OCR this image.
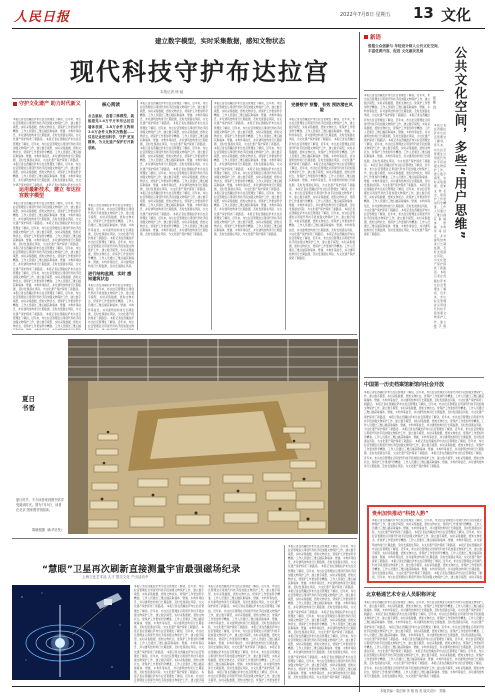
人民日报	2022年7月8日 星期五 13 文化
建立数字模型，实时采集数据，感知文物状态
现代科技守护布达拉宫
本报记者 徐 驰
守护文化遗产 助力时代新义
本报记者在西藏拉萨布达拉宫管理处了解到，近年来，布达拉宫管理处运用现代科技手段加强文物保护工作，建立数字模型，实时采集数据，感知文物状态，使保护工作更加科学精准。工作人员通过三维扫描获取墙体、壁画、木构件等信息，并对建筑结构进行长期监测，及时发现潜在风险，为文化遗产保护探索了新路径。 本报记者在西藏拉萨布达拉宫管理处了解到，近年来，布达拉宫管理处运用现代科技手段加强文物保护工作，建立数字模型，实时采集数据，感知文物状态，使保护工作更加科学精准。工作人员通过三维扫描获取墙体、壁画、木构件等信息，并对建筑结构进行长期监测，及时发现潜在风险，为文化遗产保护探索了新路径。 本报记者在西藏拉萨布达拉宫管理处了解到，近年来，布达拉宫管理处运用现代科技手段加强文物保护工作，建立数字模型，实时采集数据，感知文物状态，使保护工作更加科学精准。工作人员通过三维扫描获取墙体、壁画、木构件等信息，并对建筑结构进行长期监测，及时发现潜在风险，为文化遗产保护探索了新路径。 本报记者在西藏拉萨布达拉宫
运用最新技术，建立 布达拉宫数字模型
本报记者在西藏拉萨布达拉宫管理处了解到，近年来，布达拉宫管理处运用现代科技手段加强文物保护工作，建立数字模型，实时采集数据，感知文物状态，使保护工作更加科学精准。工作人员通过三维扫描获取墙体、壁画、木构件等信息，并对建筑结构进行长期监测，及时发现潜在风险，为文化遗产保护探索了新路径。 本报记者在西藏拉萨布达拉宫管理处了解到，近年来，布达拉宫管理处运用现代科技手段加强文物保护工作，建立数字模型，实时采集数据，感知文物状态，使保护工作更加科学精准。工作人员通过三维扫描获取墙体、壁画、木构件等信息，并对建筑结构进行长期监测，及时发现潜在风险，为文化遗产保护探索了新路径。 本报记者在西藏拉萨布达拉宫管理处了解到，近年来，布达拉宫管理处运用现代科技手段加强文物保护工作，建立数字模型，实时采集数据，感知文物状态，使保护工作更加科学精准。工作人员通过三维扫描获取墙体、壁画、木构件等信息，并对建筑结构进行长期监测，及时发现潜在风险，为文化遗产保护探索了新路径。 本报记者在西藏拉萨布达拉宫管理处了解到，近年来，布达拉宫管理处运用现代科技手段加强文物保护工作，建立数字模型，实时采集数据，感知文物状态，使保护工作更加科学精准。工作人员通过三维扫描获取墙体、壁画、木构件等信息，并对建筑结构进行长期监测，及时发现潜在风险，为文化遗产保护探索了新路径。 本报记者在西藏拉萨布达拉宫管理处了解到，近年来，布达拉宫管理处运用现代科技手段加强文物保护工作，建立数字模型，实时采集数据，感知文物状态，使保护工作更加科学精准。工作人员通过三维扫描获取墙体、壁画、木构件等信息，并对建筑结构进行长期监测，及时发现潜在风险，为文化遗产保护探索了新路径。 本报记者在西藏拉萨布达拉宫管理处了解到，近年来，布达拉宫管理处运用现代科技手段加强文物保护工作，建立数字模型，实时采集数据，感知文物状态，使保护工作更加科学精准。工作人员通过三维扫描
核心阅读
点击鼠标，查看三维模型，就能看见1.6万平方米布达拉宫 墙体表面，2.8万余件文物和 3.6万余件文物状况数据……信息记录更加科学，守护 更加精准，为文化遗产保护打开新思路。
本报记者在西藏拉萨布达拉宫管理处了解到，近年来，布达拉宫管理处运用现代科技手段加强文物保护工作，建立数字模型，实时采集数据，感知文物状态，使保护工作更加科学精准。工作人员通过三维扫描获取墙体、壁画、木构件等信息，并对建筑结构进行长期监测，及时发现潜在风险，为文化遗产保护探索了新路径。 本报记者在西藏拉萨布达拉宫管理处了解到，近年来，布达拉宫管理处运用现代科技手段加强文物保护工作，建立数字模型，实时采集数据，感知文物状态，使保护工作更加科学精准。工作人员通过三维扫描获取墙体、壁画、木构件等信息，并对建筑结构进行长期监测，及时发现潜在风险，
进行结构监测，实时 感知建筑状态
本报记者在西藏拉萨布达拉宫管理处了解到，近年来，布达拉宫管理处运用现代科技手段加强文物保护工作，建立数字模型，实时采集数据，感知文物状态，使保护工作更加科学精准。工作人员通过三维扫描获取墙体、壁画、木构件等信息，并对建筑结构进行长期监测，及时发现潜在风险，为文化遗产保护探索了新路径。 本报记者在西藏拉萨布达拉宫管理处了解到，近年来，布达拉宫管理处运用现代科技手段加强文物
本报记者在西藏拉萨布达拉宫管理处了解到，近年来，布达拉宫管理处运用现代科技手段加强文物保护工作，建立数字模型，实时采集数据，感知文物状态，使保护工作更加科学精准。工作人员通过三维扫描获取墙体、壁画、木构件等信息，并对建筑结构进行长期监测，及时发现潜在风险，为文化遗产保护探索了新路径。 本报记者在西藏拉萨布达拉宫管理处了解到，近年来，布达拉宫管理处运用现代科技手段加强文物保护工作，建立数字模型，实时采集数据，感知文物状态，使保护工作更加科学精准。工作人员通过三维扫描获取墙体、壁画、木构件等信息，并对建筑结构进行长期监测，及时发现潜在风险，为文化遗产保护探索了新路径。 本报记者在西藏拉萨布达拉宫管理处了解到，近年来，布达拉宫管理处运用现代科技手段加强文物保护工作，建立数字模型，实时采集数据，感知文物状态，使保护工作更加科学精准。工作人员通过三维扫描获取墙体、壁画、木构件等信息，并对建筑结构进行长期监测，及时发现潜在风险，为文化遗产保护探索了新路径。 本报记者在西藏拉萨布达拉宫管理处了解到，近年来，布达拉宫管理处运用现代科技手段加强文物保护工作，建立数字模型，实时采集数据，感知文物状态，使保护工作更加科学精准。工作人员通过三维扫描获取墙体、壁画、木构件等信息，并对建筑结构进行长期监测，及时发现潜在风险，为文化遗产保护探索了新路径。 本报记者在西藏拉萨布达拉宫管理处了解到，近年来，布达拉宫管理处运用现代科技手段加强文物保护工作，建立数字模型，实时采集数据，感知文物状态，使保护工作更加科学精准。工作人员通过三维扫描获取墙体、壁画、木构件等信息，并对建筑结构进行长期监测，及时发现潜在风险，为文化遗产保护探索了新路径。 本报记者在西藏拉萨布达拉宫管理处了解到，近年来，布达拉宫管理处运用现代科技手段加强文物保护工作，建立数字模型，实时采集数据，感知文物状态，使保护工作更加科学精准。工作人员通过三维扫描获取墙体、壁画、木构件等信息，并对建筑结构进行长期监测，及时发现潜在风险，为文化遗产保护探索了新路径。
本报记者在西藏拉萨布达拉宫管理处了解到，近年来，布达拉宫管理处运用现代科技手段加强文物保护工作，建立数字模型，实时采集数据，感知文物状态，使保护工作更加科学精准。工作人员通过三维扫描获取墙体、壁画、木构件等信息，并对建筑结构进行长期监测，及时发现潜在风险，为文化遗产保护探索了新路径。 本报记者在西藏拉萨布达拉宫管理处了解到，近年来，布达拉宫管理处运用现代科技手段加强文物保护工作，建立数字模型，实时采集数据，感知文物状态，使保护工作更加科学精准。工作人员通过三维扫描获取墙体、壁画、木构件等信息，并对建筑结构进行长期监测，及时发现潜在风险，为文化遗产保护探索了新路径。 本报记者在西藏拉萨布达拉宫管理处了解到，近年来，布达拉宫管理处运用现代科技手段加强文物保护工作，建立数字模型，实时采集数据，感知文物状态，使保护工作更加科学精准。工作人员通过三维扫描获取墙体、壁画、木构件等信息，并对建筑结构进行长期监测，及时发现潜在风险，为文化遗产保护探索了新路径。 本报记者在西藏拉萨布达拉宫管理处了解到，近年来，布达拉宫管理处运用现代科技手段加强文物保护工作，建立数字模型，实时采集数据，感知文物状态，使保护工作更加科学精准。工作人员通过三维扫描获取墙体、壁画、木构件等信息，并对建筑结构进行长期监测，及时发现潜在风险，为文化遗产保护探索了新路径。 本报记者在西藏拉萨布达拉宫管理处了解到，近年来，布达拉宫管理处运用现代科技手段加强文物保护工作，建立数字模型，实时采集数据，感知文物状态，使保护工作更加科学精准。工作人员通过三维扫描获取墙体、壁画、木构件等信息，并对建筑结构进行长期监测，及时发现潜在风险，为文化遗产保护探索了新路径。 本报记者在西藏拉萨布达拉宫管理处了解到，近年来，布达拉宫管理处运用现代科技手段加强文物保护工作，建立数字模型，实时采集数据，感知文物状态，使保护工作更加科学精准。工作人员通过三维扫描获取墙体、壁画、木构件等信息，并对建筑结构进行长期监测，及时发现潜在风险，为文化遗产保护探索了新路径。
完善数字 预警，有效 预防潜在风险
本报记者在西藏拉萨布达拉宫管理处了解到，近年来，布达拉宫管理处运用现代科技手段加强文物保护工作，建立数字模型，实时采集数据，感知文物状态，使保护工作更加科学精准。工作人员通过三维扫描获取墙体、壁画、木构件等信息，并对建筑结构进行长期监测，及时发现潜在风险，为文化遗产保护探索了新路径。 本报记者在西藏拉萨布达拉宫管理处了解到，近年来，布达拉宫管理处运用现代科技手段加强文物保护工作，建立数字模型，实时采集数据，感知文物状态，使保护工作更加科学精准。工作人员通过三维扫描获取墙体、壁画、木构件等信息，并对建筑结构进行长期监测，及时发现潜在风险，为文化遗产保护探索了新路径。 本报记者在西藏拉萨布达拉宫管理处了解到，近年来，布达拉宫管理处运用现代科技手段加强文物保护工作，建立数字模型，实时采集数据，感知文物状态，使保护工作更加科学精准。工作人员通过三维扫描获取墙体、壁画、木构件等信息，并对建筑结构进行长期监测，及时发现潜在风险，为文化遗产保护探索了新路径。 本报记者在西藏拉萨布达拉宫管理处了解到，近年来，布达拉宫管理处运用现代科技手段加强文物保护工作，建立数字模型，实时采集数据，感知文物状态，使保护工作更加科学精准。工作人员通过三维扫描获取墙体、壁画、木构件等信息，并对建筑结构进行长期监测，及时发现潜在风险，为文化遗产保护探索了新路径。 本报记者在西藏拉萨布达拉宫管理处了解到，近年来，布达拉宫管理处运用现代科技手段加强文物保护工作，建立数字模型，实时采集数据，感知文物状态，使保护工作更加科学精准。工作人员通过三维扫描获取墙体、壁画、木构件等信息，并对建筑结构进行长期监测，及时发现潜在风险，为文化遗产保护探索了新路径。 本报记者在西藏拉萨布达拉宫管理处了解到，近年来，布达拉宫管理处运用现代科技手段加强文物保护工作，建立数字模型，实时采集数据，感知文物状态，使保护工作更加科学精准。工作人员通过三维扫描获取墙体、壁画、木构件等信息，并对建筑结构进行长期监测，及时发现潜在风险，为文化遗产保护探索了新路径。
新语
借鉴公众创新与 年轻设计师人公共文化空间，丰富优质内容，促进 文化惠民发展	公共文化空间，多些“用户思维”
崔 斯 诗
本报记者在西藏拉萨布达拉宫管理处了解到，近年来，布达拉宫管理处运用现代科技手段加强文物保护工作，建立数字模型，实时采集数据，感知文物状态，使保护工作更加科学精准。工作人员通过三维扫描获取墙体、壁画、木构件等信息，并对建筑结构进行长期监测，及时发现潜在风险，为文化遗产保护探索了新路径。 本报记者在西藏拉萨布达拉宫管理处了解到，近年来，布达拉宫管理处运用现代科技手段加强文物保护工作，建立数字模型，实时采集数据，感知文物状态，使保护工作更加科学精准。工作人员通过三维扫描获取墙体、壁画、木构件等信息，并对建筑结构进行长期监测，及时发现潜在风险，为文化遗产保护探索了新路径。 本报记者在西藏拉萨布达拉宫管理处了解到，近年来，布达拉宫管理处运用现代科技手段加强文物保护工作，建立数字模型，实时采集数据，感知文物状态，使保护工作更加科学精准。工作人员通过三维扫描获取墙体、壁画、木构件等信息，并对建筑结构进行长期监测，及时发现潜在风险，为文化遗产保护探索了新路径。 本报记者在西藏拉萨布达拉宫管理处了解到，近年来，布达拉宫管理处运用现代科技手段加强文物保护工作，建立数字模型，实时采集数据，感知文物状态，使保护工作更加科学精准。工作人员通过三维扫描获取墙体、壁画、木构件等信息，并对建筑结构进行长期监测，及时发现潜在风险，为文化遗产保护探索了新路径。 本报记者在西藏拉萨布达拉宫管理处了解到，近年来，布达拉宫管理处运用现代科技手段加强文物保护工作，建立数字模型，实时采集数据，感知文物状态，使保护工作更加科学精准。工作人员通过三维扫描获取墙体、壁画、木构件等信息，并对建筑结构进行长期监测，及时发现潜在风险，为文化遗产保护探索了新路径。 本报记者在西藏拉萨布达拉宫管理处了解到，近年来，布达拉宫管理处运用现代科技手段加强文物保护工作，建立数字模型，实时采集数据，感知文物状态，使保护工作更加科学精准。工作人员通过三维扫描获取墙体、壁画、木构件等信息，并对建筑结构进行长期监测，及时发现潜在风险，为文化遗产保护探索了新路径。
本报记者在西藏拉萨布达拉宫管理处了解到，近年来，布达拉宫管理处运用现代科技手段加强文物保护工作，建立数字模型，实时采集数据，感知文物状态，使保护工作更加科学精准。工作人员通过三维扫描获取墙体、壁画、木构件等信息，并对建筑结构进行长期监测，及时发现潜在风险，为文化遗产保护探索了新路径。 本报记者在西藏拉萨布达拉宫管理处了解到，近年来，布达拉宫管理处运用现代科技手段加强文物保护工作，建立数字模
夏日书香
夏日时节，不少读者来到图书馆享受阅读时光。图为7月5日，读者在北京 国家图书馆阅读。
陈晓根摄（新华社发）
“慧眼”卫星再次刷新直接测量宇宙最强磁场纪录
上海文化艺术品 人才 提交文化 产出活动中
本报记者在西藏拉萨布达拉宫管理处了解到，近年来，布达拉宫管理处运用现代科技手段加强文物保护工作，建立数字模型，实时采集数据，感知文物状态，使保护工作更加科学精准。工作人员通过三维扫描获取墙体、壁画、木构件等信息，并对建筑结构进行长期监测，及时发现潜在风险，为文化遗产保护探索了新路径。 本报记者在西藏拉萨布达拉宫管理处了解到，近年来，布达拉宫管理处运用现代科技手段加强文物保护工作，建立数字模型，实时采集数据，感知文物状态，使保护工作更加科学精准。工作人员通过三维扫描获取墙体、壁画、木构件等信息，并对建筑结构进行长期监测，及时发现潜在风险，为文化遗产保护探索了新路径。 本报记者在西藏拉萨布达拉宫管理处了解到，近年来，布达拉宫管理处运用现代科技手段加强文物保护工作，建立数字模型，实时采集数据，感知文物状态，使保护工作更加科学精准。工作人员通过三维扫描获取墙体、壁画、木构件等信息，并对建筑结构进行长期监测，及时发现潜在风险，为文化遗产保护探索了新路径。 本报记者在西藏拉萨布达拉宫管理处了解到，近年来，布达拉宫管理处运用现代科技手段加强文物保护工作，建立数字模型，实时采集数据，感知文物状态，使保护工作更加科学精准。工作人员通过三维扫描获取墙体、壁画、木构件等信息，并对建筑结构进行长期监测，及时发现潜在风险，为文化遗产保护探索了新路径。 本报记者在西藏拉萨布达拉宫管理处了解到，近年来，布达拉宫管理处运用现代科技手段加强文物保护工作，建立数字模
本报记者在西藏拉萨布达拉宫管理处了解到，近年来，布达拉宫管理处运用现代科技手段加强文物保护工作，建立数字模型，实时采集数据，感知文物状态，使保护工作更加科学精准。工作人员通过三维扫描获取墙体、壁画、木构件等信息，并对建筑结构进行长期监测，及时发现潜在风险，为文化遗产保护探索了新路径。 本报记者在西藏拉萨布达拉宫管理处了解到，近年来，布达拉宫管理处运用现代科技手段加强文物保护工作，建立数字模型，实时采集数据，感知文物状态，使保护工作更加科学精准。工作人员通过三维扫描获取墙体、壁画、木构件等信息，并对建筑结构进行长期监测，及时发现潜在风险，为文化遗产保护探索了新路径。 本报记者在西藏拉萨布达拉宫管理处了解到，近年来，布达拉宫管理处运用现代科技手段加强文物保护工作，建立数字模型，实时采集数据，感知文物状态，使保护工作更加科学精准。工作人员通过三维扫描获取墙体、壁画、木构件等信息，并对建筑结构进行长期监测，及时发现潜在风险，为文化遗产保护探索了新路径。 本报记者在西藏拉萨布达拉宫管理处了解到，近年来，布达拉宫管理处运用现代科技手段加强文物保护工作，建立数字模型，实时采集数据，感知文物状态，使保护工作更加科学精准。工作人员通过三维扫描获取墙体、壁画、木构件等信息，并对建筑结构进行长期监测，及时发现潜在风险，为文化遗产保护探索了新路径。 本报记者在西藏拉萨布达拉宫管理处了解到，近年来，布达拉宫管理处运用现代科技手段加强文物保护工作，建立数字模型，实时采集数据，感知文物状态，使保护工作更加科学
本报记者在西藏拉萨布达拉宫管理处了解到，近年来，布达拉宫管理处运用现代科技手段加强文物保护工作，建立数字模型，实时采集数据，感知文物状态，使保护工作更加科学精准。工作人员通过三维扫描获取墙体、壁画、木构件等信息，并对建筑结构进行长期监测，及时发现潜在风险，为文化遗产保护探索了新路径。 本报记者在西藏拉萨布达拉宫管理处了解到，近年来，布达拉宫管理处运用现代科技手段加强文物保护工作，建立数字模型，实时采集数据，感知文物状态，使保护工作更加科学精准。工作人员通过三维扫描获取墙体、壁画、木构件等信息，并对建筑结构进行长期监测，及时发现潜在风险，为文化遗产保护探索了新路径。 本报记者在西藏拉萨布达拉宫管理处了解到，近年来，布达拉宫管理处运用现代科技手段加强文物保护工作，建立数字模型，实时采集数据，感知文物状态，使保护工作更加科学精准。工作人员通过三维扫描获取墙体、壁画、木构件等信息，并对建筑结构进行长期监测，及时发现潜在风险，为文化遗产保护探索了新路径。 本报记者在西藏拉萨布达拉宫管理处了解到，近年来，布达拉宫管理处运用现代科技手段加强文物保护工作，建立数字模型，实时采集数据，感知文物状态，使保护工作更加科学精准。工作人员通过三维扫描获取墙体、壁画、木构件等信息，并对建筑结构进行长期监测，及时发现潜在风险，为文化遗产保护探索了新路径。 本报记者在西藏拉萨布达拉宫管理处了解到，近年来，布达拉宫管理处运用现代科技手段加强文物保护工作，建立数字模型，实时采集数据，感知文物状态，使保护工作更加科学精准。工作人员通过三维扫描获取墙体、壁画、木构件等信息，并对建筑结构进行长期监测，及时发现潜在风险，为文化遗产保护探索了新路径。 本报记者在西藏拉萨布达拉宫管理处了解到，近年来，布达拉宫管理处运用现代科技手段加强文物保护工作，建立数字模型，实时采集数据，感知文物状态，使保护工作更加科学精准。工作人员通过三维扫描获取墙体、壁画、木构件等信息，并对建筑结构进行长期监测，及时发现潜在风险，为文化遗产保护探索了新路径。
中国第一历史档案馆新馆向社会开放
本报记者在西藏拉萨布达拉宫管理处了解到，近年来，布达拉宫管理处运用现代科技手段加强文物保护工作，建立数字模型，实时采集数据，感知文物状态，使保护工作更加科学精准。工作人员通过三维扫描获取墙体、壁画、木构件等信息，并对建筑结构进行长期监测，及时发现潜在风险，为文化遗产保护探索了新路径。 本报记者在西藏拉萨布达拉宫管理处了解到，近年来，布达拉宫管理处运用现代科技手段加强文物保护工作，建立数字模型，实时采集数据，感知文物状态，使保护工作更加科学精准。工作人员通过三维扫描获取墙体、壁画、木构件等信息，并对建筑结构进行长期监测，及时发现潜在风险，为文化遗产保护探索了新路径。 本报记者在西藏拉萨布达拉宫管理处了解到，近年来，布达拉宫管理处运用现代科技手段加强文物保护工作，建立数字模型，实时采集数据，感知文物状态，使保护工作更加科学精准。工作人员通过三维扫描获取墙体、壁画、木构件等信息，并对建筑结构进行长期监测，及时发现潜在风险，为文化遗产保护探索了新路径。 本报记者在西藏拉萨布达拉宫管理处了解到，近年来，布达拉宫管理处运用现代科技手段加强文物保护工作，建立数字模型，实时采集数据，感知文物状态，使保护工作更加科学精准。工作人员通过三维扫描获取墙体、壁画、木构件等信息，并对建筑结构进行长期监测，及时发现潜在风险，为文化遗产保护探索了新路径。 本报记者在西藏拉萨布达拉宫管理处了解到，近年来，布达拉宫管理处运用现代科技手段加强文物保护工作，建立数字模型，实时采集数据，感知文物状态，使保护工作更加科学精准。工作人员通过三维扫描获取墙体、壁画、木构件等信息，并对建筑结构进行长期监测，及时发现潜在风险，为文化遗产保护探索了新路径。 本报记者在西藏拉萨布达拉宫管理处了解到，近年来，布达拉宫管理处运用现代科技手段加强文物保护工作，建立数字模型，实时采集数据，感知文物状态，使保护工作更加科学精准。工作人员通过三维扫描获取墙体、壁画、木构件等信息，并对建筑结构进行长期监测，及时发现潜在风险，为文化遗产保护探索了新路径。
贵州加快推动“科技入黔”
本报记者在西藏拉萨布达拉宫管理处了解到，近年来，布达拉宫管理处运用现代科技手段加强文物保护工作，建立数字模型，实时采集数据，感知文物状态，使保护工作更加科学精准。工作人员通过三维扫描获取墙体、壁画、木构件等信息，并对建筑结构进行长期监测，及时发现潜在风险，为文化遗产保护探索了新路径。 本报记者在西藏拉萨布达拉宫管理处了解到，近年来，布达拉宫管理处运用现代科技手段加强文物保护工作，建立数字模型，实时采集数据，感知文物状态，使保护工作更加科学精准。工作人员通过三维扫描获取墙体、壁画、木构件等信息，并对建筑结构进行长期监测，及时发现潜在风险，为文化遗产保护探索了新路径。 本报记者在西藏拉萨布达拉宫管理处了解到，近年来，布达拉宫管理处运用现代科技手段加强文物保护工作，建立数字模型，实时采集数据，感知文物状态，使保护工作更加科学精准。工作人员通过三维扫描获取墙体、壁画、木构件等信息，并对建筑结构进行长期监测，及时发现潜在风险，为文化遗产保护探索了新路径。 本报记者在西藏拉萨布达拉宫管理处了解到，近年来，布达拉宫管理处运用现代科技手段加强文物保护工作，建立数字模型，实时采集数据，感知文物状态，使保护工作更加科学精准。工作人员通过三维扫描获取墙体、壁画、木构件等信息，并对建筑结构进行长期监测，及时发现潜在风险，为文化遗产保护探索了新路径。 本报记者在西藏拉萨布达拉宫管理处了解到，近年来，布达拉宫管理处运用现代科技手段加强文物保护工作，建立数字模型，实时采集数
北京畅通艺术专业人员职称评定
本报记者在西藏拉萨布达拉宫管理处了解到，近年来，布达拉宫管理处运用现代科技手段加强文物保护工作，建立数字模型，实时采集数据，感知文物状态，使保护工作更加科学精准。工作人员通过三维扫描获取墙体、壁画、木构件等信息，并对建筑结构进行长期监测，及时发现潜在风险，为文化遗产保护探索了新路径。 本报记者在西藏拉萨布达拉宫管理处了解到，近年来，布达拉宫管理处运用现代科技手段加强文物保护工作，建立数字模型，实时采集数据，感知文物状态，使保护工作更加科学精准。工作人员通过三维扫描获取墙体、壁画、木构件等信息，并对建筑结构进行长期监测，及时发现潜在风险，为文化遗产保护探索了新路径。 本报记者在西藏拉萨布达拉宫管理处了解到，近年来，布达拉宫管理处运用现代科技手段加强文物保护工作，建立数字模型，实时采集数据，感知文物状态，使保护工作更加科学精准。工作人员通过三维扫描获取墙体、壁画、木构件等信息，并对建筑结构进行长期监测，及时发现潜在风险，为文化遗产保护探索了新路径。 本报记者在西藏拉萨布达拉宫管理处了解到，近年来，布达拉宫管理处运用现代科技手段加强文物保护工作，建立数字模型，实时采集数据，感知文物状态，使保护工作更加科学精准。工作人员通过三维扫描获取墙体、壁画、木构件等信息，并对建筑结构进行长期监测，及时发现潜在风险，为文化遗产保护探索了新路径。 本报记者在西藏拉萨布达拉宫管理处了解到，近年来，布达拉宫管理处运用现代科技手段加强文物保护工作，建立数字模型，实时采集数据，感知文物状态，使保护工作更加科学精准。工作人员通过三维扫描获取墙体、壁画、木构件等信息，并对建筑结构进行长期监测，及时发现潜在风险，为文化遗产保护探索了新路径。 本报记者在西藏拉萨布达拉宫管理处了解到，近年来，布达拉宫管理处运用现代科技手段加强文物保护工作，建立数字模型，实时采集数据，感知文物状态，使保护工作更加科学精准。工作人员通过三维扫描获取墙体、壁画、木构件等信息，并对建筑结构进行长期监测，及时发现潜在风险，为文化遗产保护探索了新路径。
本版责编：秦正楠 李 刚 钱 美 版式设计：郑娜
